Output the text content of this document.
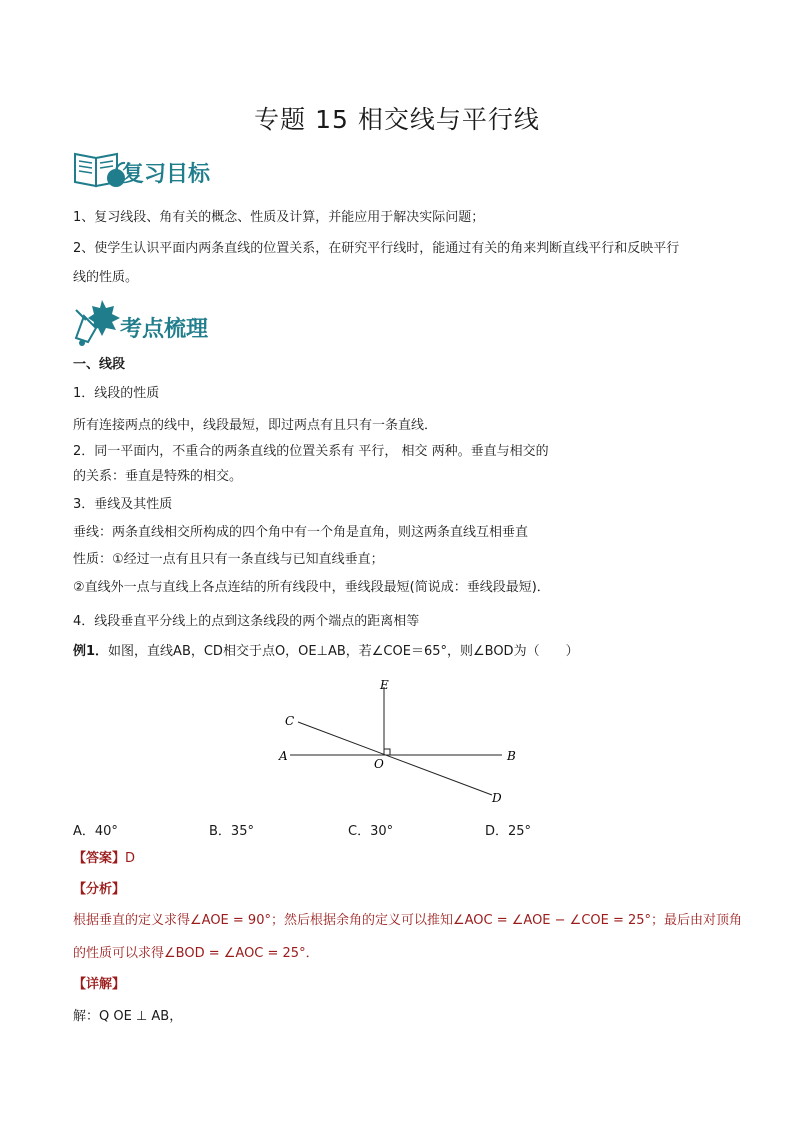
专题 15 相交线与平行线
复习目标
1、复习线段、角有关的概念、性质及计算，并能应用于解决实际问题；
2、使学生认识平面内两条直线的位置关系，在研究平行线时，能通过有关的角来判断直线平行和反映平行
线的性质。
考点梳理
一、线段
1．线段的性质
所有连接两点的线中，线段最短，即过两点有且只有一条直线．
2．同一平面内，不重合的两条直线的位置关系有 平行， 相交 两种。垂直与相交的
的关系：垂直是特殊的相交。
3．垂线及其性质
垂线：两条直线相交所构成的四个角中有一个角是直角，则这两条直线互相垂直
性质：①经过一点有且只有一条直线与已知直线垂直；
②直线外一点与直线上各点连结的所有线段中，垂线段最短(简说成：垂线段最短)．
4．线段垂直平分线上的点到这条线段的两个端点的距离相等
例1．如图，直线AB，CD相交于点O，OE⊥AB，若∠COE＝65°，则∠BOD为（　　）
E
C
A
O
B
D
A．40°	B．35°	C．30°	D．25°
【答案】D
【分析】
根据垂直的定义求得∠AOE = 90°；然后根据余角的定义可以推知∠AOC = ∠AOE − ∠COE = 25°；最后由对顶角
的性质可以求得∠BOD = ∠AOC = 25°．
【详解】
解：Q OE ⊥ AB，
